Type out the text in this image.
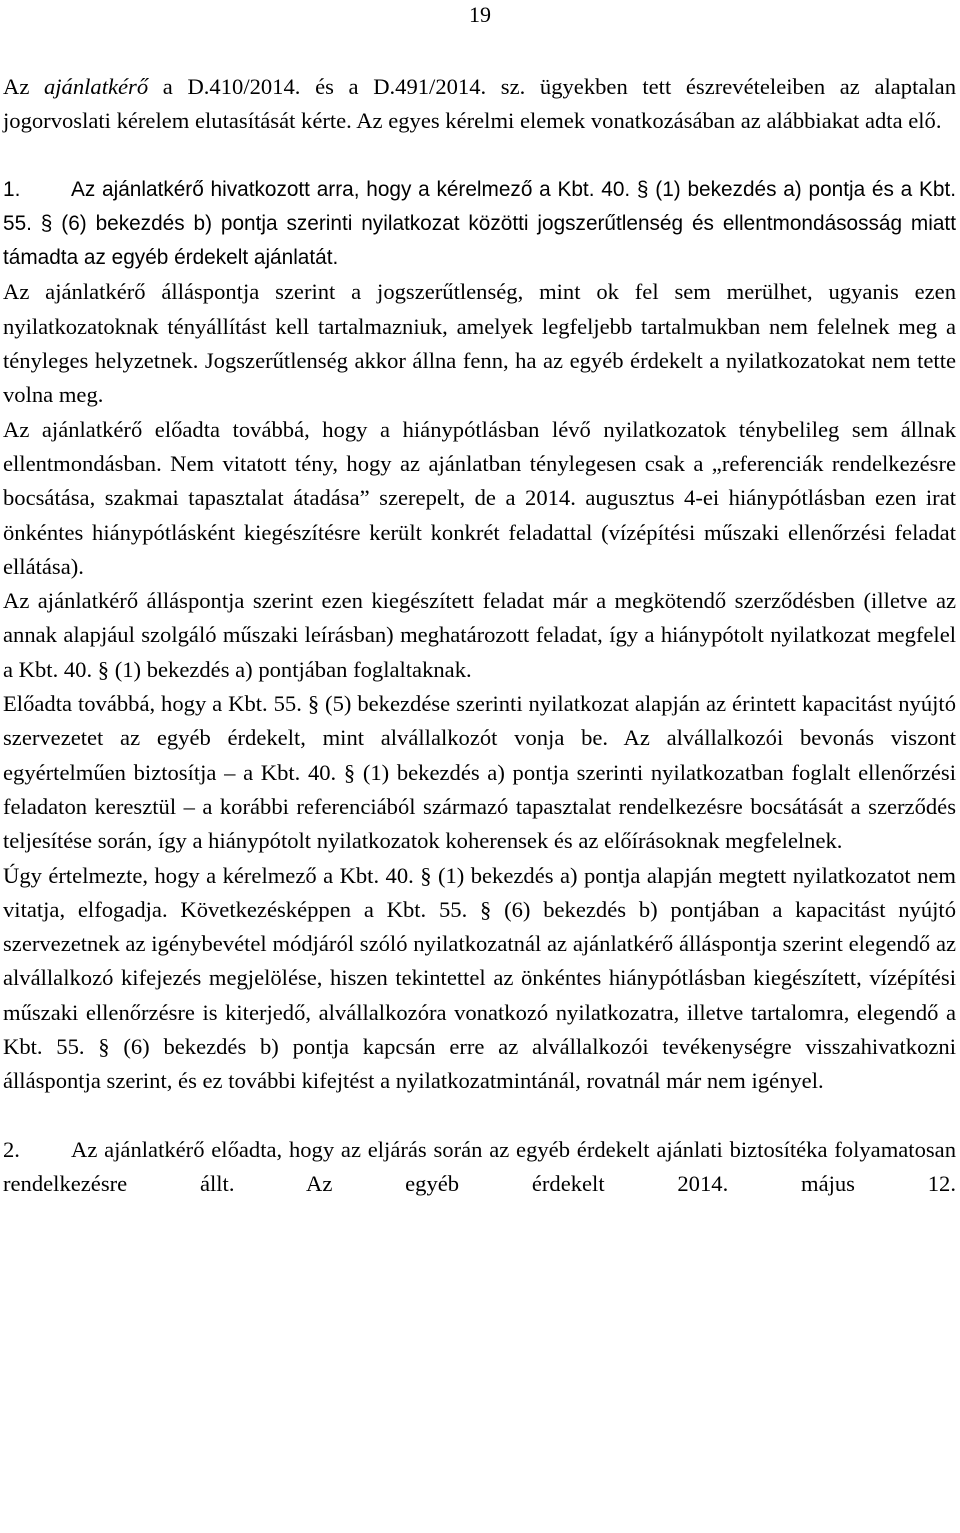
19

Az ajánlatkérő a D.410/2014. és a D.491/2014. sz. ügyekben tett észrevételeiben az alaptalan jogorvoslati kérelem elutasítását kérte. Az egyes kérelmi elemek vonatkozásában az alábbiakat adta elő.

1. Az ajánlatkérő hivatkozott arra, hogy a kérelmező a Kbt. 40. § (1) bekezdés a) pontja és a Kbt. 55. § (6) bekezdés b) pontja szerinti nyilatkozat közötti jogszerűtlenség és ellentmondásosság miatt támadta az egyéb érdekelt ajánlatát.

Az ajánlatkérő álláspontja szerint a jogszerűtlenség, mint ok fel sem merülhet, ugyanis ezen nyilatkozatoknak tényállítást kell tartalmazniuk, amelyek legfeljebb tartalmukban nem felelnek meg a tényleges helyzetnek. Jogszerűtlenség akkor állna fenn, ha az egyéb érdekelt a nyilatkozatokat nem tette volna meg.

Az ajánlatkérő előadta továbbá, hogy a hiánypótlásban lévő nyilatkozatok ténybelileg sem állnak ellentmondásban. Nem vitatott tény, hogy az ajánlatban ténylegesen csak a „referenciák rendelkezésre bocsátása, szakmai tapasztalat átadása” szerepelt, de a 2014. augusztus 4-ei hiánypótlásban ezen irat önkéntes hiánypótlásként kiegészítésre került konkrét feladattal (vízépítési műszaki ellenőrzési feladat ellátása).

Az ajánlatkérő álláspontja szerint ezen kiegészített feladat már a megkötendő szerződésben (illetve az annak alapjául szolgáló műszaki leírásban) meghatározott feladat, így a hiánypótolt nyilatkozat megfelel a Kbt. 40. § (1) bekezdés a) pontjában foglaltaknak.

Előadta továbbá, hogy a Kbt. 55. § (5) bekezdése szerinti nyilatkozat alapján az érintett kapacitást nyújtó szervezetet az egyéb érdekelt, mint alvállalkozót vonja be. Az alvállalkozói bevonás viszont egyértelműen biztosítja – a Kbt. 40. § (1) bekezdés a) pontja szerinti nyilatkozatban foglalt ellenőrzési feladaton keresztül – a korábbi referenciából származó tapasztalat rendelkezésre bocsátását a szerződés teljesítése során, így a hiánypótolt nyilatkozatok koherensek és az előírásoknak megfelelnek.

Úgy értelmezte, hogy a kérelmező a Kbt. 40. § (1) bekezdés a) pontja alapján megtett nyilatkozatot nem vitatja, elfogadja. Következésképpen a Kbt. 55. § (6) bekezdés b) pontjában a kapacitást nyújtó szervezetnek az igénybevétel módjáról szóló nyilatkozatnál az ajánlatkérő álláspontja szerint elegendő az alvállalkozó kifejezés megjelölése, hiszen tekintettel az önkéntes hiánypótlásban kiegészített, vízépítési műszaki ellenőrzésre is kiterjedő, alvállalkozóra vonatkozó nyilatkozatra, illetve tartalomra, elegendő a Kbt. 55. § (6) bekezdés b) pontja kapcsán erre az alvállalkozói tevékenységre visszahivatkozni álláspontja szerint, és ez további kifejtést a nyilatkozatmintánál, rovatnál már nem igényel.

2. Az ajánlatkérő előadta, hogy az eljárás során az egyéb érdekelt ajánlati biztosítéka folyamatosan rendelkezésre állt. Az egyéb érdekelt 2014. május 12.
